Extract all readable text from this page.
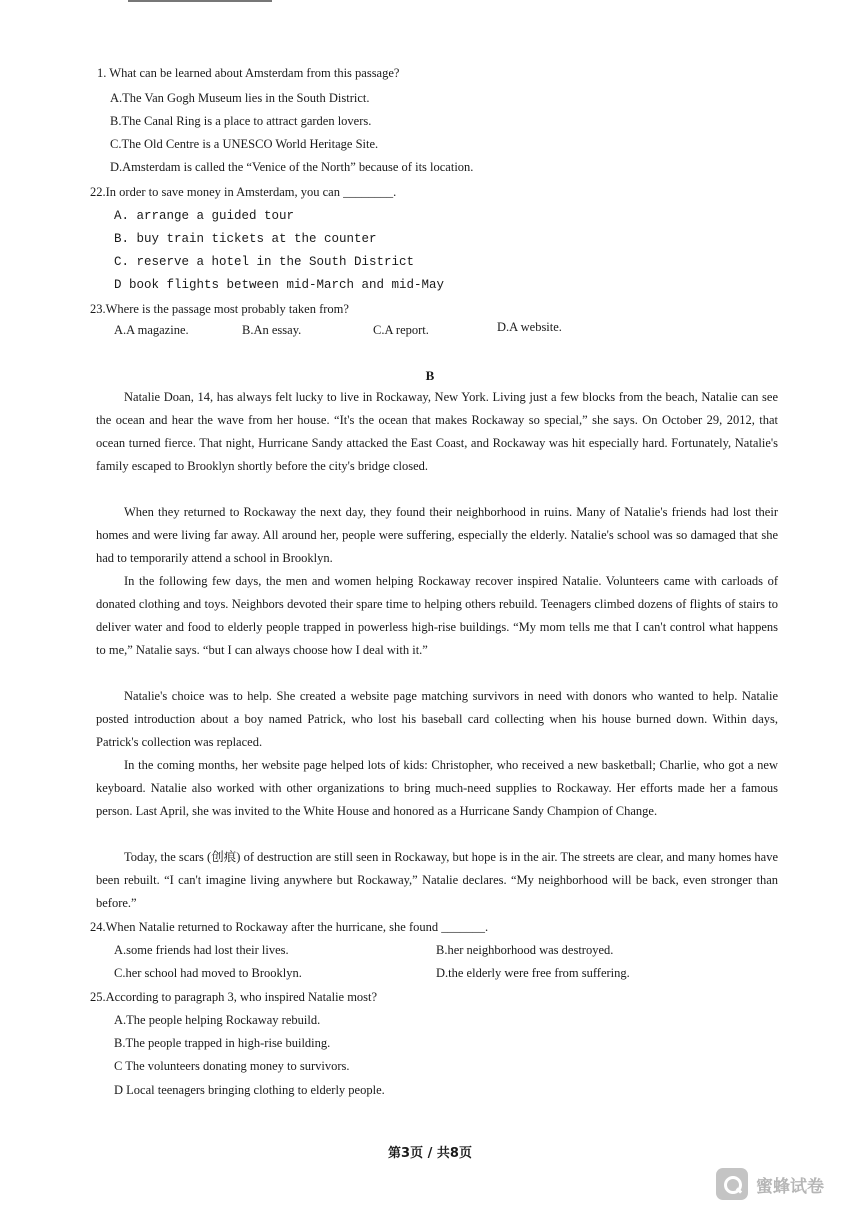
1. What can be learned about Amsterdam from this passage?
A.The Van Gogh Museum lies in the South District.
B.The Canal Ring is a place to attract garden lovers.
C.The Old Centre is a UNESCO World Heritage Site.
D.Amsterdam is called the “Venice of the North” because of its location.
22.In order to save money in Amsterdam, you can ________.
A. arrange a guided tour
B. buy train tickets at the counter
C. reserve a hotel in the South District
D book flights between mid-March and mid-May
23.Where is the passage most probably taken from?
A.A magazine.	B.An essay.	C.A report.	D.A website.
B
Natalie Doan, 14, has always felt lucky to live in Rockaway, New York. Living just a few blocks from the beach, Natalie can see the ocean and hear the wave from her house. “It's the ocean that makes Rockaway so special,” she says. On October 29, 2012, that ocean turned fierce. That night, Hurricane Sandy attacked the East Coast, and Rockaway was hit especially hard. Fortunately, Natalie's family escaped to Brooklyn shortly before the city's bridge closed.
When they returned to Rockaway the next day, they found their neighborhood in ruins. Many of Natalie's friends had lost their homes and were living far away. All around her, people were suffering, especially the elderly. Natalie's school was so damaged that she had to temporarily attend a school in Brooklyn.
In the following few days, the men and women helping Rockaway recover inspired Natalie. Volunteers came with carloads of donated clothing and toys. Neighbors devoted their spare time to helping others rebuild. Teenagers climbed dozens of flights of stairs to deliver water and food to elderly people trapped in powerless high-rise buildings. “My mom tells me that I can't control what happens to me,” Natalie says. “but I can always choose how I deal with it.”
Natalie's choice was to help. She created a website page matching survivors in need with donors who wanted to help. Natalie posted introduction about a boy named Patrick, who lost his baseball card collecting when his house burned down. Within days, Patrick's collection was replaced.
In the coming months, her website page helped lots of kids: Christopher, who received a new basketball; Charlie, who got a new keyboard. Natalie also worked with other organizations to bring much-need supplies to Rockaway. Her efforts made her a famous person. Last April, she was invited to the White House and honored as a Hurricane Sandy Champion of Change.
Today, the scars (创痕) of destruction are still seen in Rockaway, but hope is in the air. The streets are clear, and many homes have been rebuilt. “I can't imagine living anywhere but Rockaway,” Natalie declares. “My neighborhood will be back, even stronger than before.”
24.When Natalie returned to Rockaway after the hurricane, she found _______.
A.some friends had lost their lives.	B.her neighborhood was destroyed.
C.her school had moved to Brooklyn.	D.the elderly were free from suffering.
25.According to paragraph 3, who inspired Natalie most?
A.The people helping Rockaway rebuild.
B.The people trapped in high-rise building.
C The volunteers donating money to survivors.
D Local teenagers bringing clothing to elderly people.
第3页 / 共8页
蜜蜂试卷
